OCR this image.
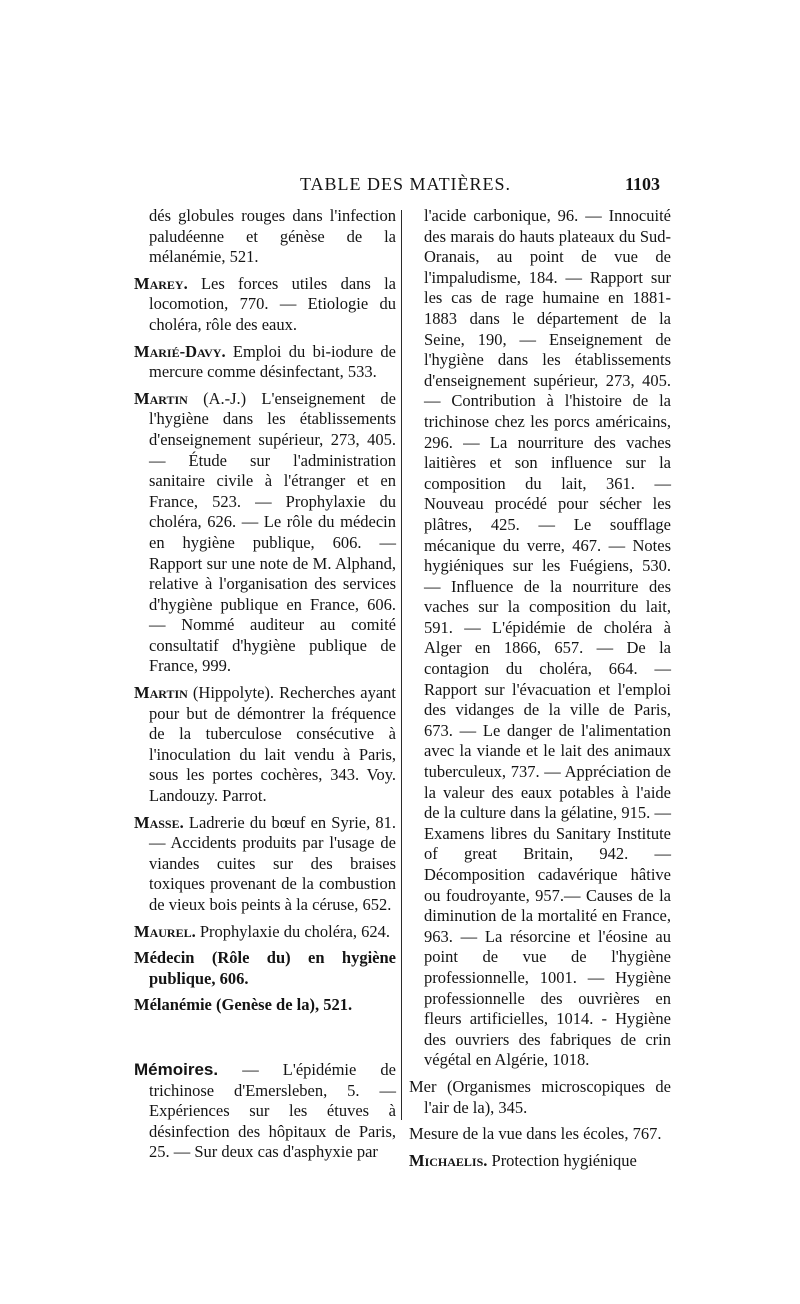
TABLE DES MATIÈRES.	1103

dés globules rouges dans l'infection paludéenne et génèse de la mélanémie, 521.

Marey. Les forces utiles dans la locomotion, 770. — Etiologie du choléra, rôle des eaux.

Marié-Davy. Emploi du bi-iodure de mercure comme désinfectant, 533.

Martin (A.-J.) L'enseignement de l'hygiène dans les établissements d'enseignement supérieur, 273, 405. — Étude sur l'administration sanitaire civile à l'étranger et en France, 523. — Prophylaxie du choléra, 626. — Le rôle du médecin en hygiène publique, 606. — Rapport sur une note de M. Alphand, relative à l'organisation des services d'hygiène publique en France, 606. — Nommé auditeur au comité consultatif d'hygiène publique de France, 999.

Martin (Hippolyte). Recherches ayant pour but de démontrer la fréquence de la tuberculose consécutive à l'inoculation du lait vendu à Paris, sous les portes cochères, 343. Voy. Landouzy. Parrot.

Masse. Ladrerie du bœuf en Syrie, 81. — Accidents produits par l'usage de viandes cuites sur des braises toxiques provenant de la combustion de vieux bois peints à la céruse, 652.

Maurel. Prophylaxie du choléra, 624.

Médecin (Rôle du) en hygiène publique, 606.

Mélanémie (Genèse de la), 521.

Mémoires. — L'épidémie de trichinose d'Emersleben, 5. — Expériences sur les étuves à désinfection des hôpitaux de Paris, 25. — Sur deux cas d'asphyxie par

l'acide carbonique, 96. — Innocuité des marais do hauts plateaux du Sud-Oranais, au point de vue de l'impaludisme, 184. — Rapport sur les cas de rage humaine en 1881-1883 dans le département de la Seine, 190, — Enseignement de l'hygiène dans les établissements d'enseignement supérieur, 273, 405.— Contribution à l'histoire de la trichinose chez les porcs américains, 296. — La nourriture des vaches laitières et son influence sur la composition du lait, 361. — Nouveau procédé pour sécher les plâtres, 425. — Le soufflage mécanique du verre, 467. — Notes hygiéniques sur les Fuégiens, 530. — Influence de la nourriture des vaches sur la composition du lait, 591. — L'épidémie de choléra à Alger en 1866, 657. — De la contagion du choléra, 664. — Rapport sur l'évacuation et l'emploi des vidanges de la ville de Paris, 673. — Le danger de l'alimentation avec la viande et le lait des animaux tuberculeux, 737. — Appréciation de la valeur des eaux potables à l'aide de la culture dans la gélatine, 915. — Examens libres du Sanitary Institute of great Britain, 942. — Décomposition cadavérique hâtive ou foudroyante, 957.— Causes de la diminution de la mortalité en France, 963. — La résorcine et l'éosine au point de vue de l'hygiène professionnelle, 1001. — Hygiène professionnelle des ouvrières en fleurs artificielles, 1014. - Hygiène des ouvriers des fabriques de crin végétal en Algérie, 1018.

Mer (Organismes microscopiques de l'air de la), 345.

Mesure de la vue dans les écoles, 767.

Michaelis. Protection hygiénique
